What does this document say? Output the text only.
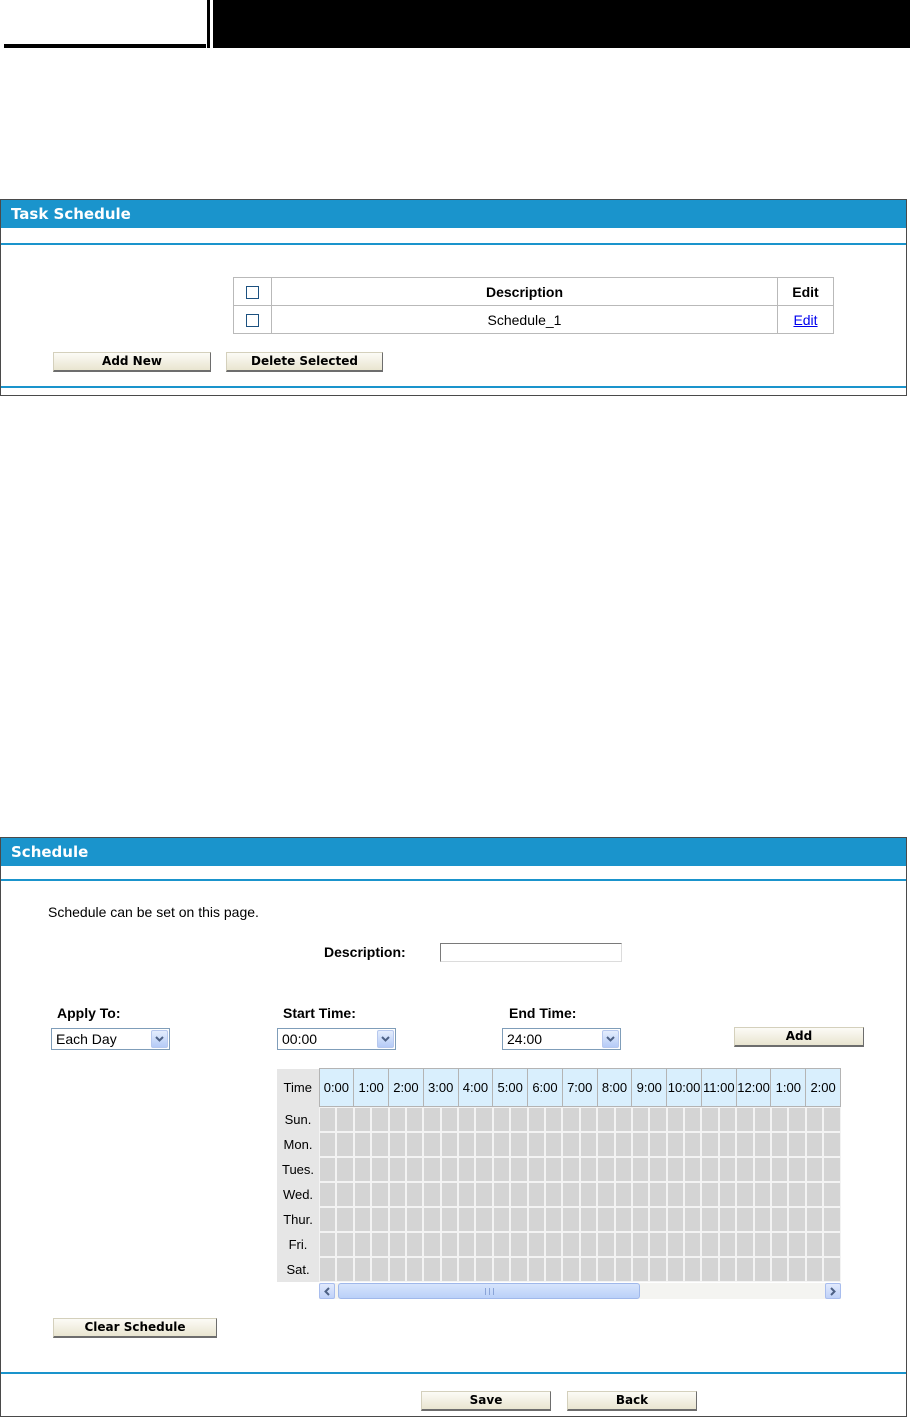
Task Schedule
	Description	Edit
	Schedule_1	Edit
Add New	Delete Selected
Schedule
Schedule can be set on this page.
Description:
Apply To:	Start Time:	End Time:
Each Day	00:00	24:00	Add
Time	0:00	1:00	2:00	3:00	4:00	5:00	6:00	7:00	8:00	9:00	10:00	11:00	12:00	1:00	2:00
Sun.															
Mon.															
Tues.															
Wed.															
Thur.															
Fri.															
Sat.															
Clear Schedule
Save	Back
